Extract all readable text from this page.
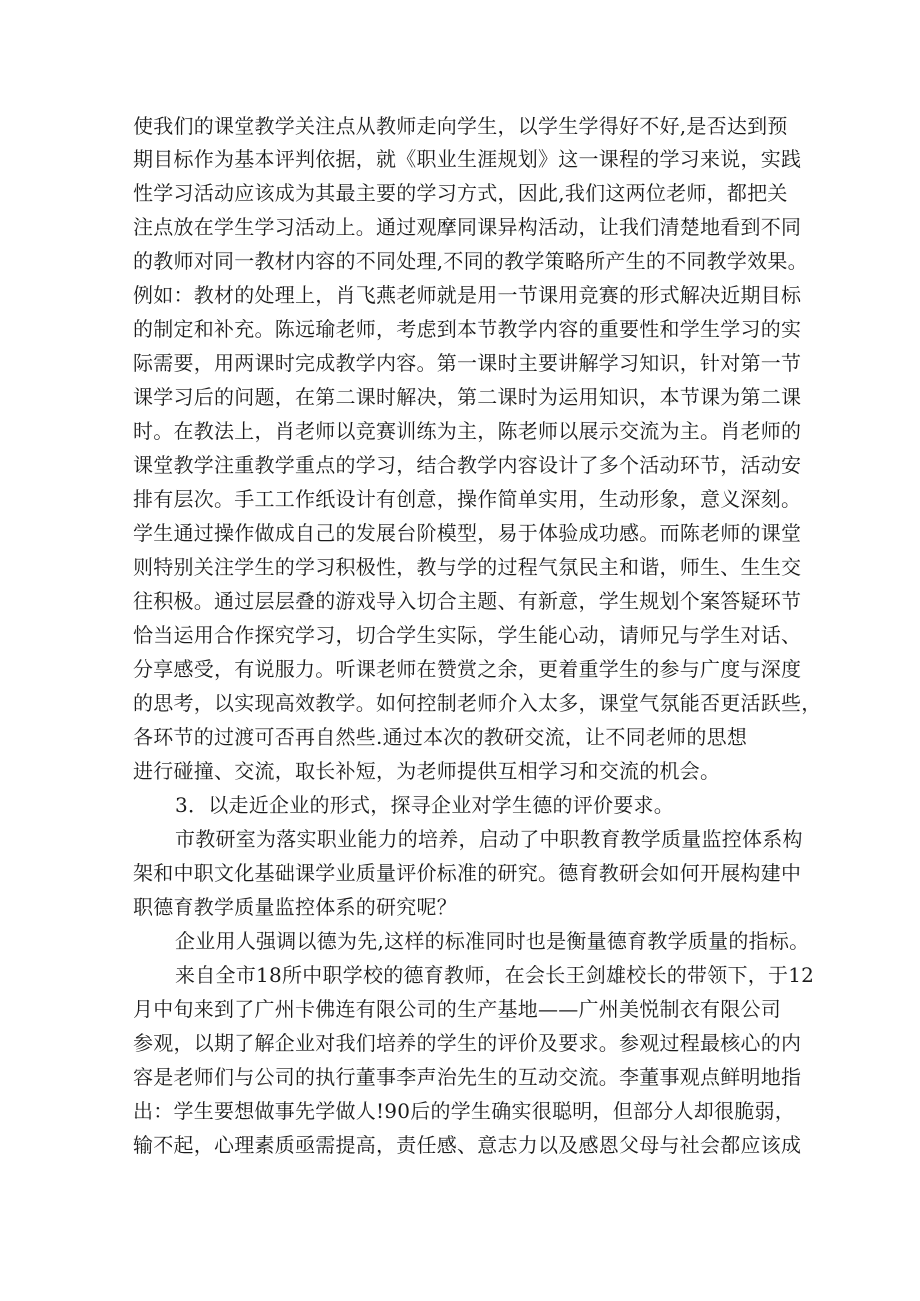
使我们的课堂教学关注点从教师走向学生，以学生学得好不好,是否达到预
期目标作为基本评判依据，就《职业生涯规划》这一课程的学习来说，实践
性学习活动应该成为其最主要的学习方式，因此,我们这两位老师，都把关
注点放在学生学习活动上。通过观摩同课异构活动，让我们清楚地看到不同
的教师对同一教材内容的不同处理,不同的教学策略所产生的不同教学效果。
例如：教材的处理上，肖飞燕老师就是用一节课用竞赛的形式解决近期目标
的制定和补充。陈远瑜老师，考虑到本节教学内容的重要性和学生学习的实
际需要，用两课时完成教学内容。第一课时主要讲解学习知识，针对第一节
课学习后的问题，在第二课时解决，第二课时为运用知识，本节课为第二课
时。在教法上，肖老师以竞赛训练为主，陈老师以展示交流为主。肖老师的
课堂教学注重教学重点的学习，结合教学内容设计了多个活动环节，活动安
排有层次。手工工作纸设计有创意，操作简单实用，生动形象，意义深刻。
学生通过操作做成自己的发展台阶模型，易于体验成功感。而陈老师的课堂
则特别关注学生的学习积极性，教与学的过程气氛民主和谐，师生、生生交
往积极。通过层层叠的游戏导入切合主题、有新意，学生规划个案答疑环节
恰当运用合作探究学习，切合学生实际，学生能心动，请师兄与学生对话、
分享感受，有说服力。听课老师在赞赏之余，更着重学生的参与广度与深度
的思考，以实现高效教学。如何控制老师介入太多，课堂气氛能否更活跃些，
各环节的过渡可否再自然些.通过本次的教研交流，让不同老师的思想
进行碰撞、交流，取长补短，为老师提供互相学习和交流的机会。
3．以走近企业的形式，探寻企业对学生德的评价要求。
市教研室为落实职业能力的培养，启动了中职教育教学质量监控体系构
架和中职文化基础课学业质量评价标准的研究。德育教研会如何开展构建中
职德育教学质量监控体系的研究呢？
企业用人强调以德为先,这样的标准同时也是衡量德育教学质量的指标。
来自全市18所中职学校的德育教师，在会长王剑雄校长的带领下，于12
月中旬来到了广州卡佛连有限公司的生产基地——广州美悦制衣有限公司
参观，以期了解企业对我们培养的学生的评价及要求。参观过程最核心的内
容是老师们与公司的执行董事李声治先生的互动交流。李董事观点鲜明地指
出：学生要想做事先学做人!90后的学生确实很聪明，但部分人却很脆弱，
输不起，心理素质亟需提高，责任感、意志力以及感恩父母与社会都应该成
